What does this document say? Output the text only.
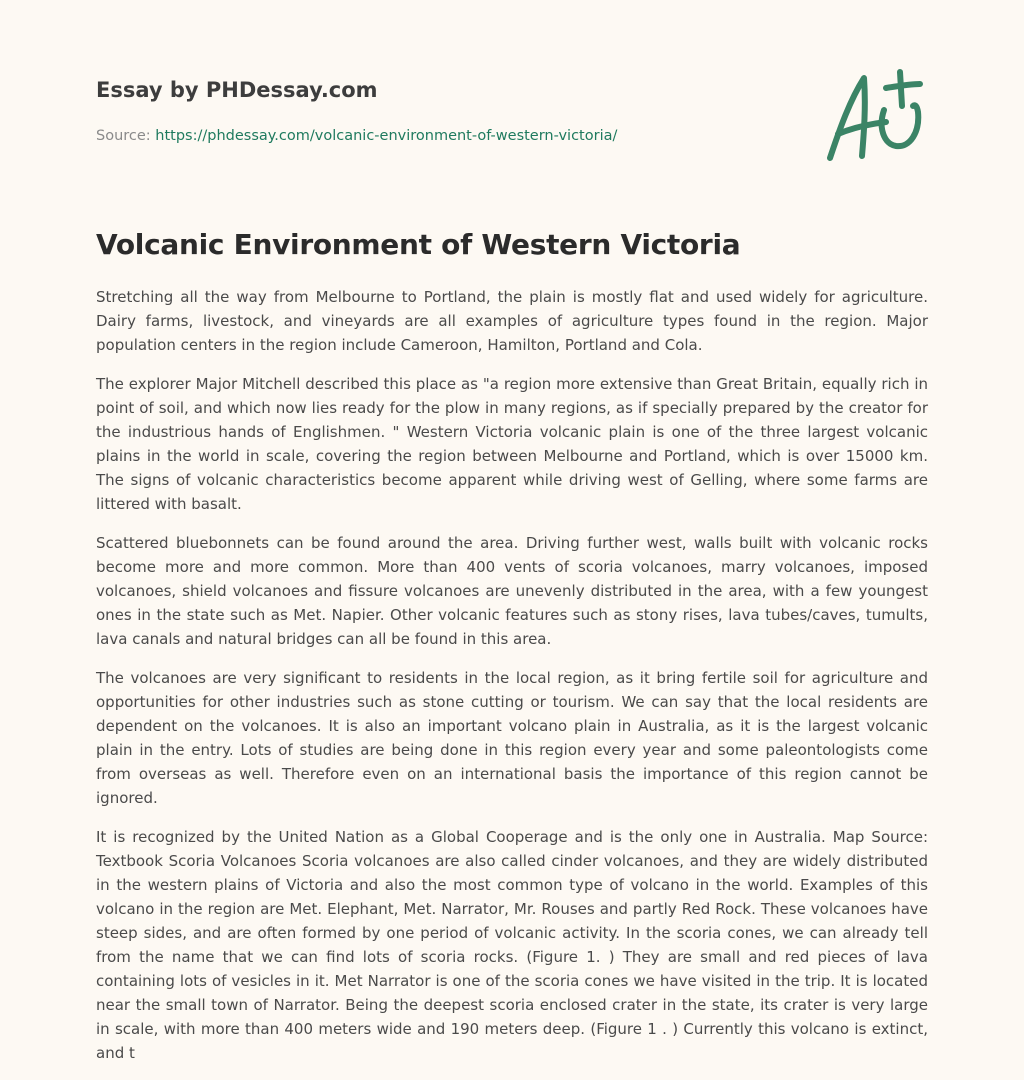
Essay by PHDessay.com
Source: https://phdessay.com/volcanic-environment-of-western-victoria/
Volcanic Environment of Western Victoria

Stretching all the way from Melbourne to Portland, the plain is mostly flat and used widely for agriculture. Dairy farms, livestock, and vineyards are all examples of agriculture types found in the region. Major population centers in the region include Cameroon, Hamilton, Portland and Cola.

The explorer Major Mitchell described this place as "a region more extensive than Great Britain, equally rich in point of soil, and which now lies ready for the plow in many regions, as if specially prepared by the creator for the industrious hands of Englishmen. " Western Victoria volcanic plain is one of the three largest volcanic plains in the world in scale, covering the region between Melbourne and Portland, which is over 15000 km. The signs of volcanic characteristics become apparent while driving west of Gelling, where some farms are littered with basalt.

Scattered bluebonnets can be found around the area. Driving further west, walls built with volcanic rocks become more and more common. More than 400 vents of scoria volcanoes, marry volcanoes, imposed volcanoes, shield volcanoes and fissure volcanoes are unevenly distributed in the area, with a few youngest ones in the state such as Met. Napier. Other volcanic features such as stony rises, lava tubes/caves, tumults, lava canals and natural bridges can all be found in this area.

The volcanoes are very significant to residents in the local region, as it bring fertile soil for agriculture and opportunities for other industries such as stone cutting or tourism. We can say that the local residents are dependent on the volcanoes. It is also an important volcano plain in Australia, as it is the largest volcanic plain in the entry. Lots of studies are being done in this region every year and some paleontologists come from overseas as well. Therefore even on an international basis the importance of this region cannot be ignored.

It is recognized by the United Nation as a Global Cooperage and is the only one in Australia. Map Source: Textbook Scoria Volcanoes Scoria volcanoes are also called cinder volcanoes, and they are widely distributed in the western plains of Victoria and also the most common type of volcano in the world. Examples of this volcano in the region are Met. Elephant, Met. Narrator, Mr. Rouses and partly Red Rock. These volcanoes have steep sides, and are often formed by one period of volcanic activity. In the scoria cones, we can already tell from the name that we can find lots of scoria rocks. (Figure 1. ) They are small and red pieces of lava containing lots of vesicles in it. Met Narrator is one of the scoria cones we have visited in the trip. It is located near the small town of Narrator. Being the deepest scoria enclosed crater in the state, its crater is very large in scale, with more than 400 meters wide and 190 meters deep. (Figure 1 . ) Currently this volcano is extinct, and t
